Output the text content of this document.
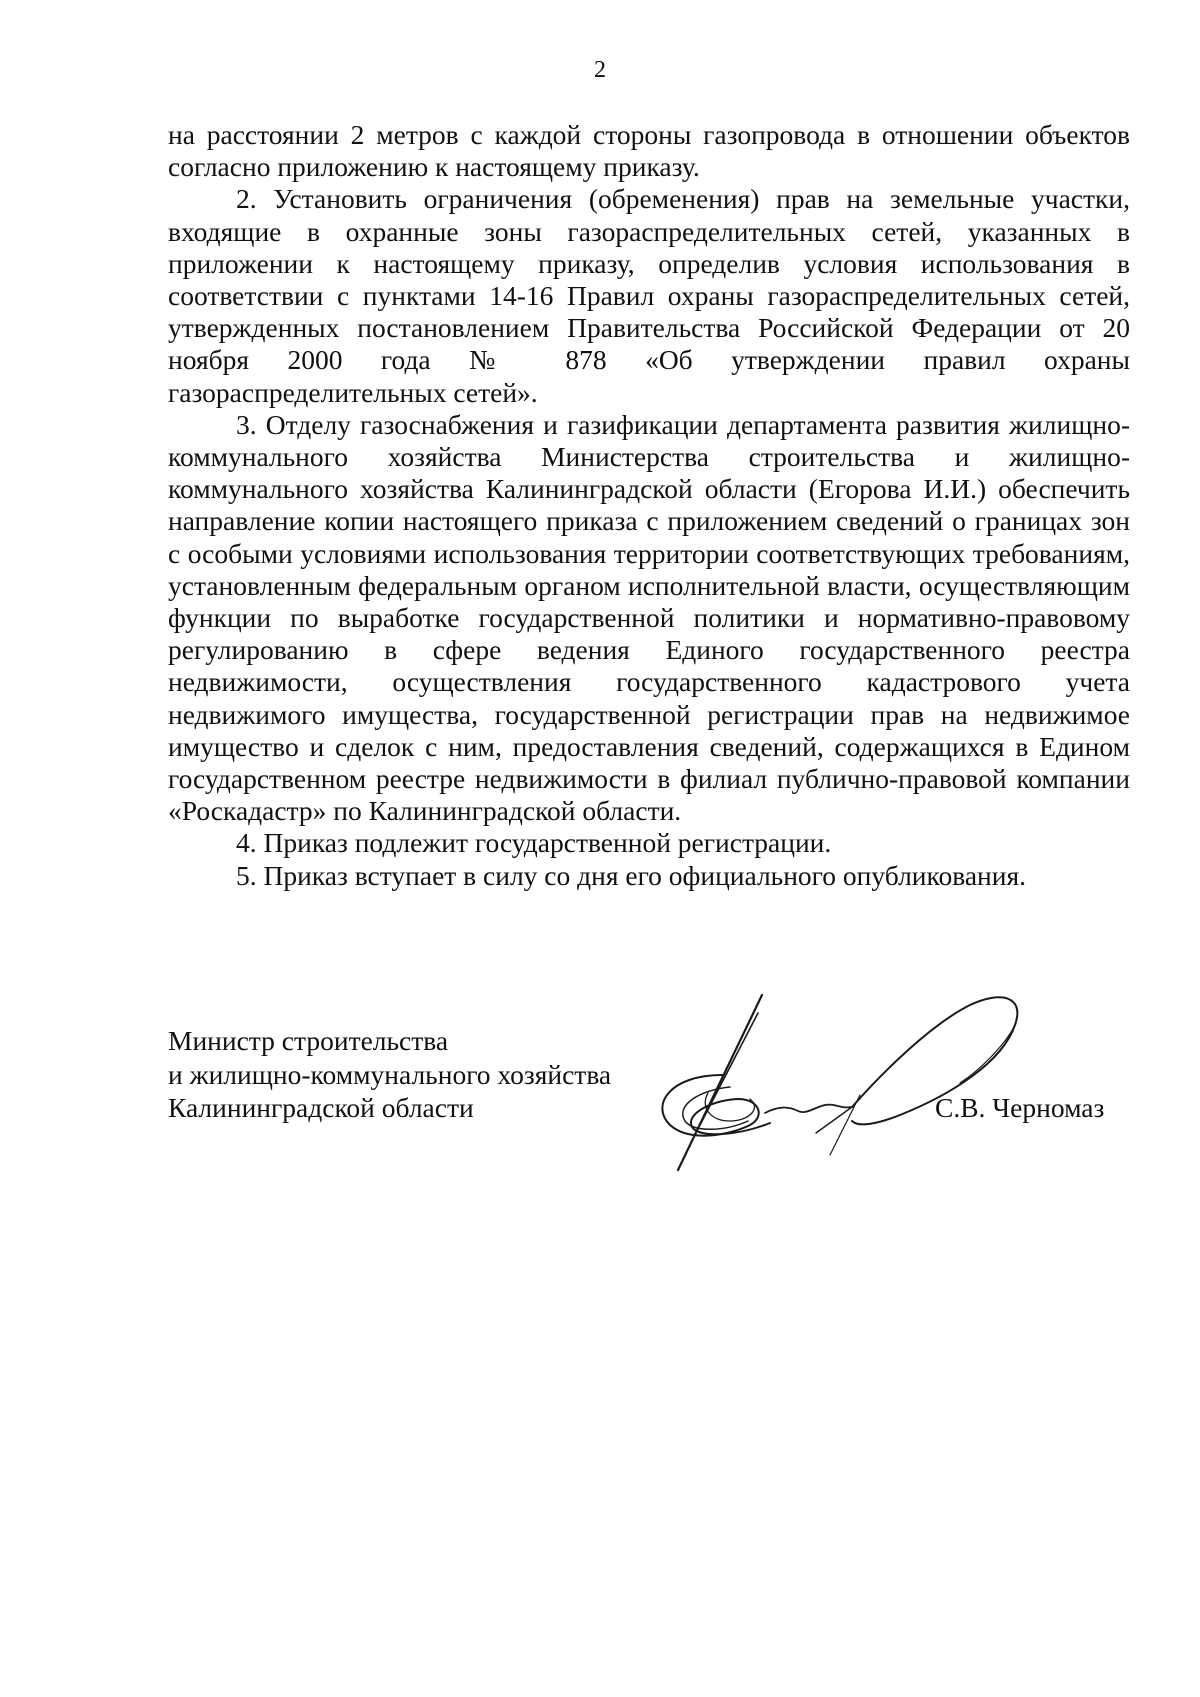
2

на расстоянии 2 метров с каждой стороны газопровода в отношении объектов согласно приложению к настоящему приказу.

2. Установить ограничения (обременения) прав на земельные участки, входящие в охранные зоны газораспределительных сетей, указанных в приложении к настоящему приказу, определив условия использования в соответствии с пунктами 14-16 Правил охраны газораспределительных сетей, утвержденных постановлением Правительства Российской Федерации от 20 ноября 2000 года № 878 «Об утверждении правил охраны газораспределительных сетей».

3. Отделу газоснабжения и газификации департамента развития жилищно-коммунального хозяйства Министерства строительства и жилищно-коммунального хозяйства Калининградской области (Егорова И.И.) обеспечить направление копии настоящего приказа с приложением сведений о границах зон с особыми условиями использования территории соответствующих требованиям, установленным федеральным органом исполнительной власти, осуществляющим функции по выработке государственной политики и нормативно-правовому регулированию в сфере ведения Единого государственного реестра недвижимости, осуществления государственного кадастрового учета недвижимого имущества, государственной регистрации прав на недвижимое имущество и сделок с ним, предоставления сведений, содержащихся в Едином государственном реестре недвижимости в филиал публично-правовой компании «Роскадастр» по Калининградской области.

4. Приказ подлежит государственной регистрации.

5. Приказ вступает в силу со дня его официального опубликования.

Министр строительства
и жилищно-коммунального хозяйства
Калининградской области	С.В. Черномаз
